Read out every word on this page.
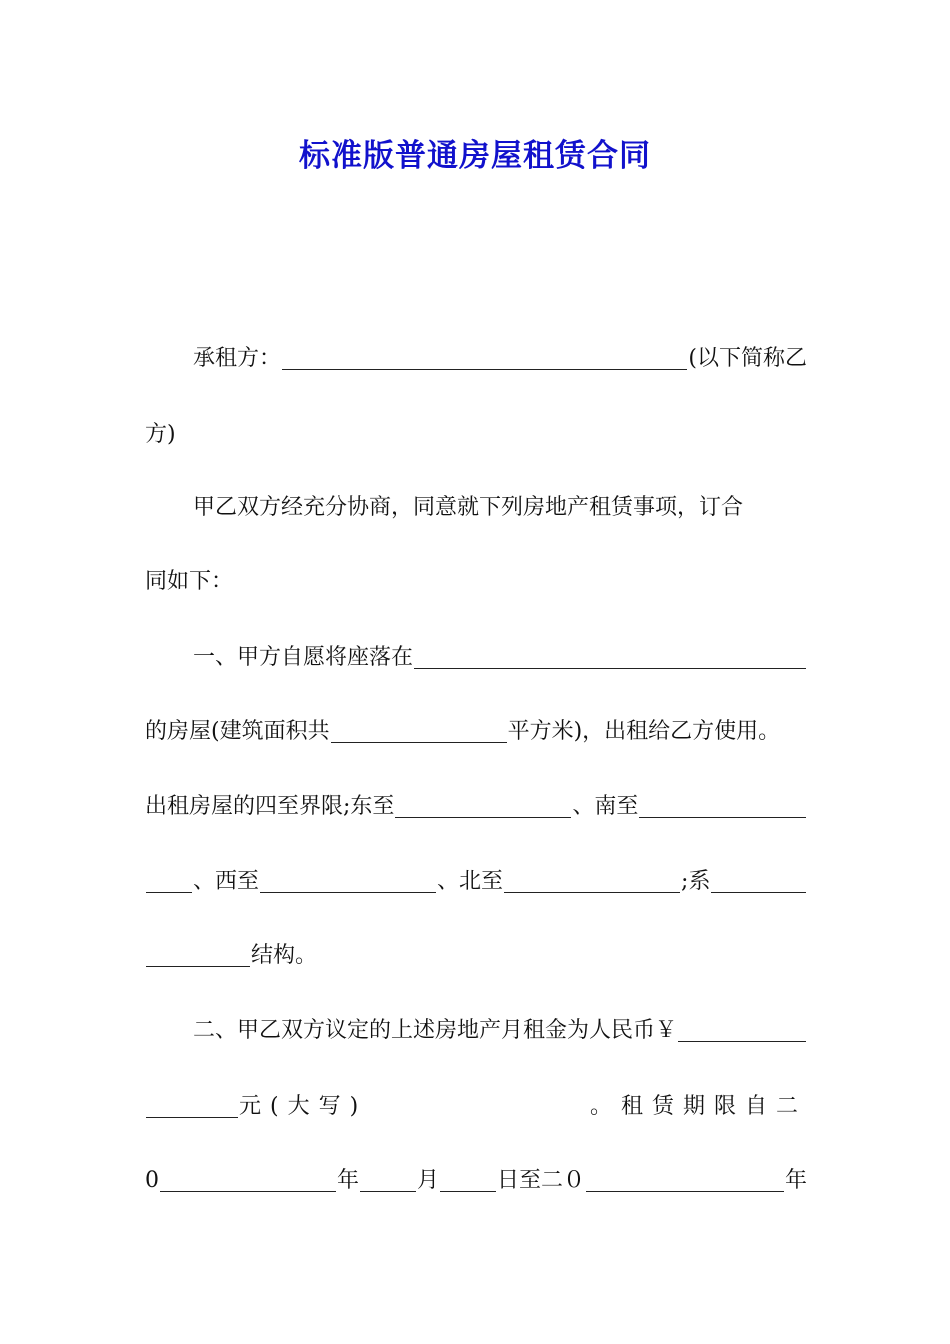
标准版普通房屋租赁合同
承租方：	(以下简称乙
方)
甲乙双方经充分协商，同意就下列房地产租赁事项，订合
同如下：
一、甲方自愿将座落在
的房屋(建筑面积共	平方米)，出租给乙方使用。
出租房屋的四至界限;东至	、南至
、西至	、北至	;系
结构。
二、甲乙双方议定的上述房地产月租金为人民币￥
元(大写)	。租赁期限自二
0	年	月	日至二０	年
